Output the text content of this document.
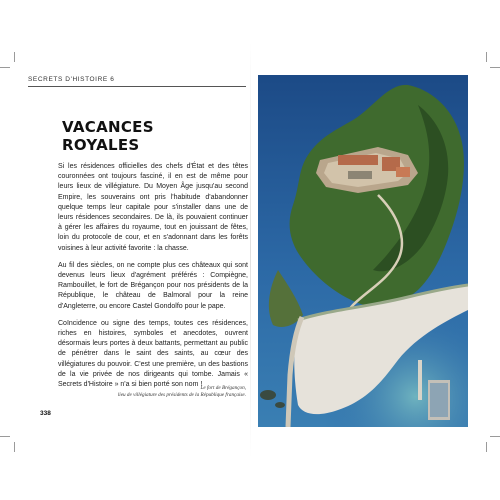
SECRETS D'HISTOIRE 6
VACANCES ROYALES

Si les résidences officielles des chefs d'État et des têtes couronnées ont toujours fasciné, il en est de même pour leurs lieux de villégiature. Du Moyen Âge jusqu'au second Empire, les souverains ont pris l'habitude d'abandonner quelque temps leur capitale pour s'installer dans une de leurs résidences secondaires. De là, ils pouvaient continuer à gérer les affaires du royaume, tout en jouissant de fêtes, loin du protocole de cour, et en s'adonnant dans les forêts voisines à leur activité favorite : la chasse.

Au fil des siècles, on ne compte plus ces châteaux qui sont devenus leurs lieux d'agrément préférés : Compiègne, Rambouillet, le fort de Brégançon pour nos présidents de la République, le château de Balmoral pour la reine d'Angleterre, ou encore Castel Gondolfo pour le pape.

Coïncidence ou signe des temps, toutes ces résidences, riches en histoires, symboles et anecdotes, ouvrent désormais leurs portes à deux battants, permettant au public de pénétrer dans le saint des saints, au cœur des villégiatures du pouvoir. C'est une première, un des bastions de la vie privée de nos dirigeants qui tombe. Jamais « Secrets d'Histoire » n'a si bien porté son nom !

Le fort de Brégançon,
lieu de villégiature des présidents de la République française.
338
